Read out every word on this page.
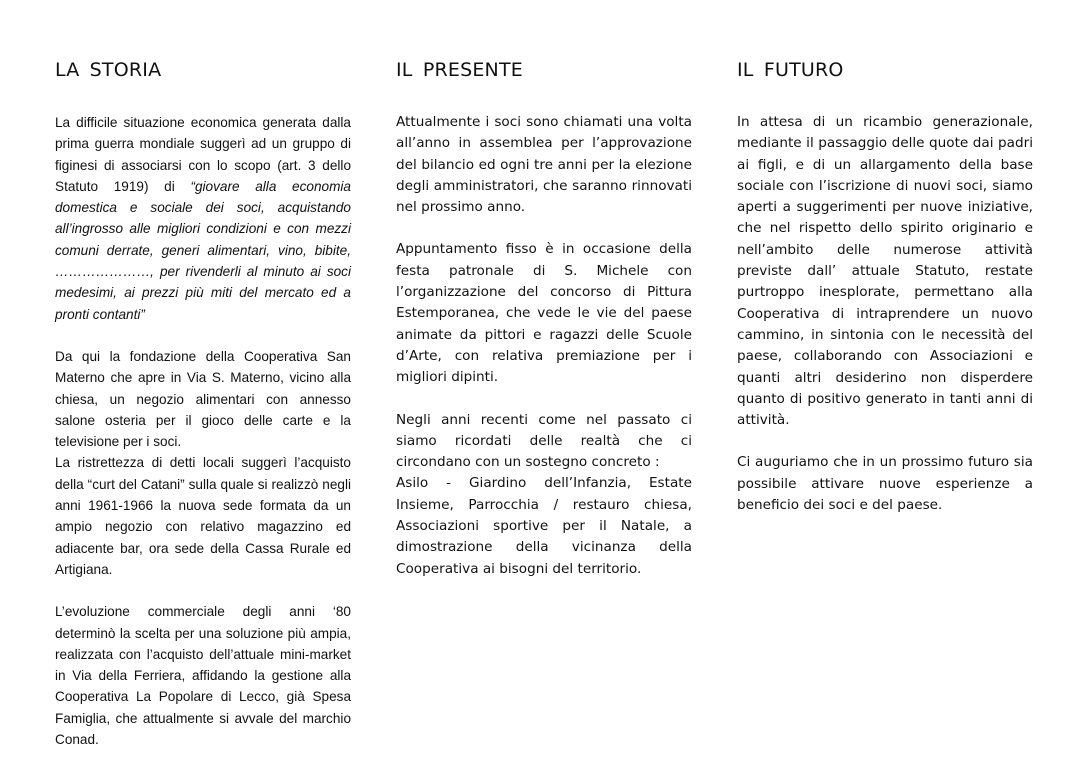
LA STORIA

La difficile situazione economica generata dalla prima guerra mondiale suggerì ad un gruppo di figinesi di associarsi con lo scopo (art. 3 dello Statuto 1919) di “giovare alla economia domestica e sociale dei soci, acquistando all’ingrosso alle migliori condizioni e con mezzi comuni derrate, generi alimentari, vino, bibite, …………………, per rivenderli al minuto ai soci medesimi, ai prezzi più miti del mercato ed a pronti contanti”

Da qui la fondazione della Cooperativa San Materno che apre in Via S. Materno, vicino alla chiesa, un negozio alimentari con annesso salone osteria per il gioco delle carte e la televisione per i soci.

La ristrettezza di detti locali suggerì l’acquisto della “curt del Catani” sulla quale si realizzò negli anni 1961-1966 la nuova sede formata da un ampio negozio con relativo magazzino ed adiacente bar, ora sede della Cassa Rurale ed Artigiana.

L’evoluzione commerciale degli anni ‘80 determinò la scelta per una soluzione più ampia, realizzata con l’acquisto dell’attuale mini-market in Via della Ferriera, affidando la gestione alla Cooperativa La Popolare di Lecco, già Spesa Famiglia, che attualmente si avvale del marchio Conad.

IL PRESENTE

Attualmente i soci sono chiamati una volta all’anno in assemblea per l’approvazione del bilancio ed ogni tre anni per la elezione degli amministratori, che saranno rinnovati nel prossimo anno.

Appuntamento fisso è in occasione della festa patronale di S. Michele con l’organizzazione del concorso di Pittura Estemporanea, che vede le vie del paese animate da pittori e ragazzi delle Scuole d’Arte, con relativa premiazione per i migliori dipinti.

Negli anni recenti come nel passato ci siamo ricordati delle realtà che ci circondano con un sostegno concreto :

Asilo - Giardino dell’Infanzia, Estate Insieme, Parrocchia / restauro chiesa, Associazioni sportive per il Natale, a dimostrazione della vicinanza della Cooperativa ai bisogni del territorio.

IL FUTURO

In attesa di un ricambio generazionale, mediante il passaggio delle quote dai padri ai figli, e di un allargamento della base sociale con l’iscrizione di nuovi soci, siamo aperti a suggerimenti per nuove iniziative, che nel rispetto dello spirito originario e nell’ambito delle numerose attività previste dall’ attuale Statuto, restate purtroppo inesplorate, permettano alla Cooperativa di intraprendere un nuovo cammino, in sintonia con le necessità del paese, collaborando con Associazioni e quanti altri desiderino non disperdere quanto di positivo generato in tanti anni di attività.

Ci auguriamo che in un prossimo futuro sia possibile attivare nuove esperienze a beneficio dei soci e del paese.
